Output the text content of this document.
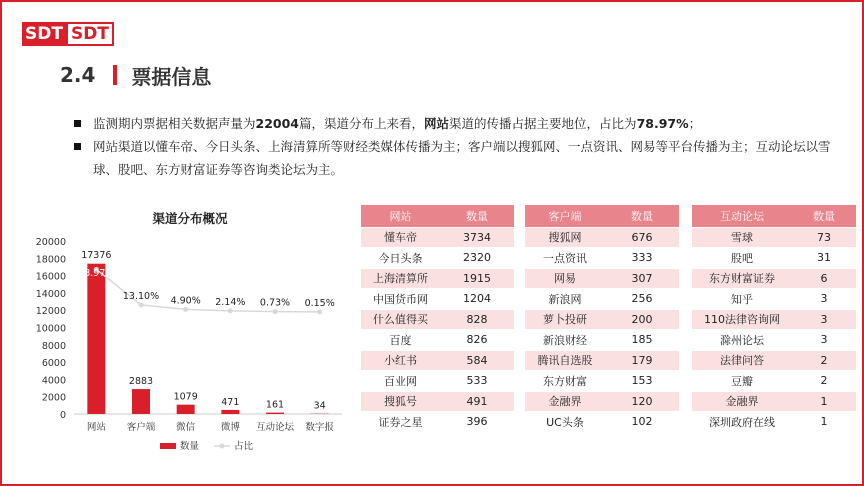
SDT SDT
2.4 票据信息
监测期内票据相关数据声量为22004篇，渠道分布上来看，网站渠道的传播占据主要地位，占比为78.97%；
网站渠道以懂车帝、今日头条、上海清算所等财经类媒体传播为主；客户端以搜狐网、一点资讯、网易等平台传播为主；互动论坛以雪球、股吧、东方财富证券等咨询类论坛为主。
渠道分布概况
0
2000
4000
6000
8000
10000
12000
14000
16000
18000
20000
17376
2883
1079 471	161	34
78.97%
13.10% 4.90% 2.14% 0.73% 0.15%
网站 客户端 微信	微博 互动论坛 数字报
数量	占比
网站	数量
懂车帝	3734
今日头条	2320
上海清算所	1915
中国货币网	1204
什么值得买	828
百度	826
小红书	584
百业网	533
搜狐号	491
证券之星	396
客户端	数量
搜狐网	676
一点资讯	333
网易	307
新浪网	256
萝卜投研	200
新浪财经	185
腾讯自选股	179
东方财富	153
金融界	120
UC头条	102
互动论坛	数量
雪球	73
股吧	31
东方财富证券	6
知乎	3
110法律咨询网	3
滁州论坛	3
法律问答	2
豆瓣	2
金融界	1
深圳政府在线	1
